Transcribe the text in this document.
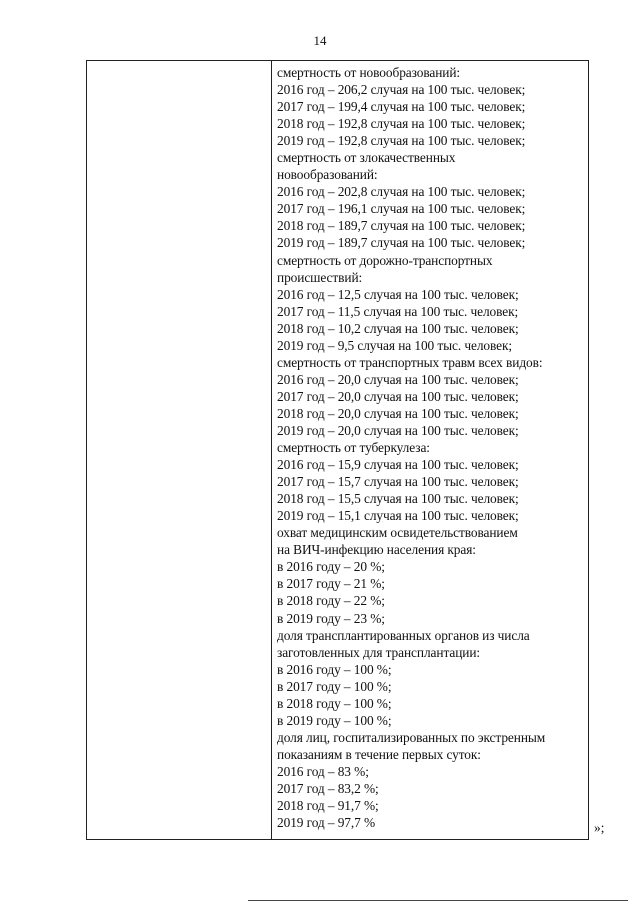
14
смертность от новообразований:
2016 год – 206,2 случая на 100 тыс. человек;
2017 год – 199,4 случая на 100 тыс. человек;
2018 год – 192,8 случая на 100 тыс. человек;
2019 год – 192,8 случая на 100 тыс. человек;
смертность от злокачественных
новообразований:
2016 год – 202,8 случая на 100 тыс. человек;
2017 год – 196,1 случая на 100 тыс. человек;
2018 год – 189,7 случая на 100 тыс. человек;
2019 год – 189,7 случая на 100 тыс. человек;
смертность от дорожно-транспортных
происшествий:
2016 год – 12,5 случая на 100 тыс. человек;
2017 год – 11,5 случая на 100 тыс. человек;
2018 год – 10,2 случая на 100 тыс. человек;
2019 год – 9,5 случая на 100 тыс. человек;
смертность от транспортных травм всех видов:
2016 год – 20,0 случая на 100 тыс. человек;
2017 год – 20,0 случая на 100 тыс. человек;
2018 год – 20,0 случая на 100 тыс. человек;
2019 год – 20,0 случая на 100 тыс. человек;
смертность от туберкулеза:
2016 год – 15,9 случая на 100 тыс. человек;
2017 год – 15,7 случая на 100 тыс. человек;
2018 год – 15,5 случая на 100 тыс. человек;
2019 год – 15,1 случая на 100 тыс. человек;
охват медицинским освидетельствованием
на ВИЧ-инфекцию населения края:
в 2016 году – 20 %;
в 2017 году – 21 %;
в 2018 году – 22 %;
в 2019 году – 23 %;
доля трансплантированных органов из числа
заготовленных для трансплантации:
в 2016 году – 100 %;
в 2017 году – 100 %;
в 2018 году – 100 %;
в 2019 году – 100 %;
доля лиц, госпитализированных по экстренным
показаниям в течение первых суток:
2016 год – 83 %;
2017 год – 83,2 %;
2018 год – 91,7 %;
2019 год – 97,7 %	»;
